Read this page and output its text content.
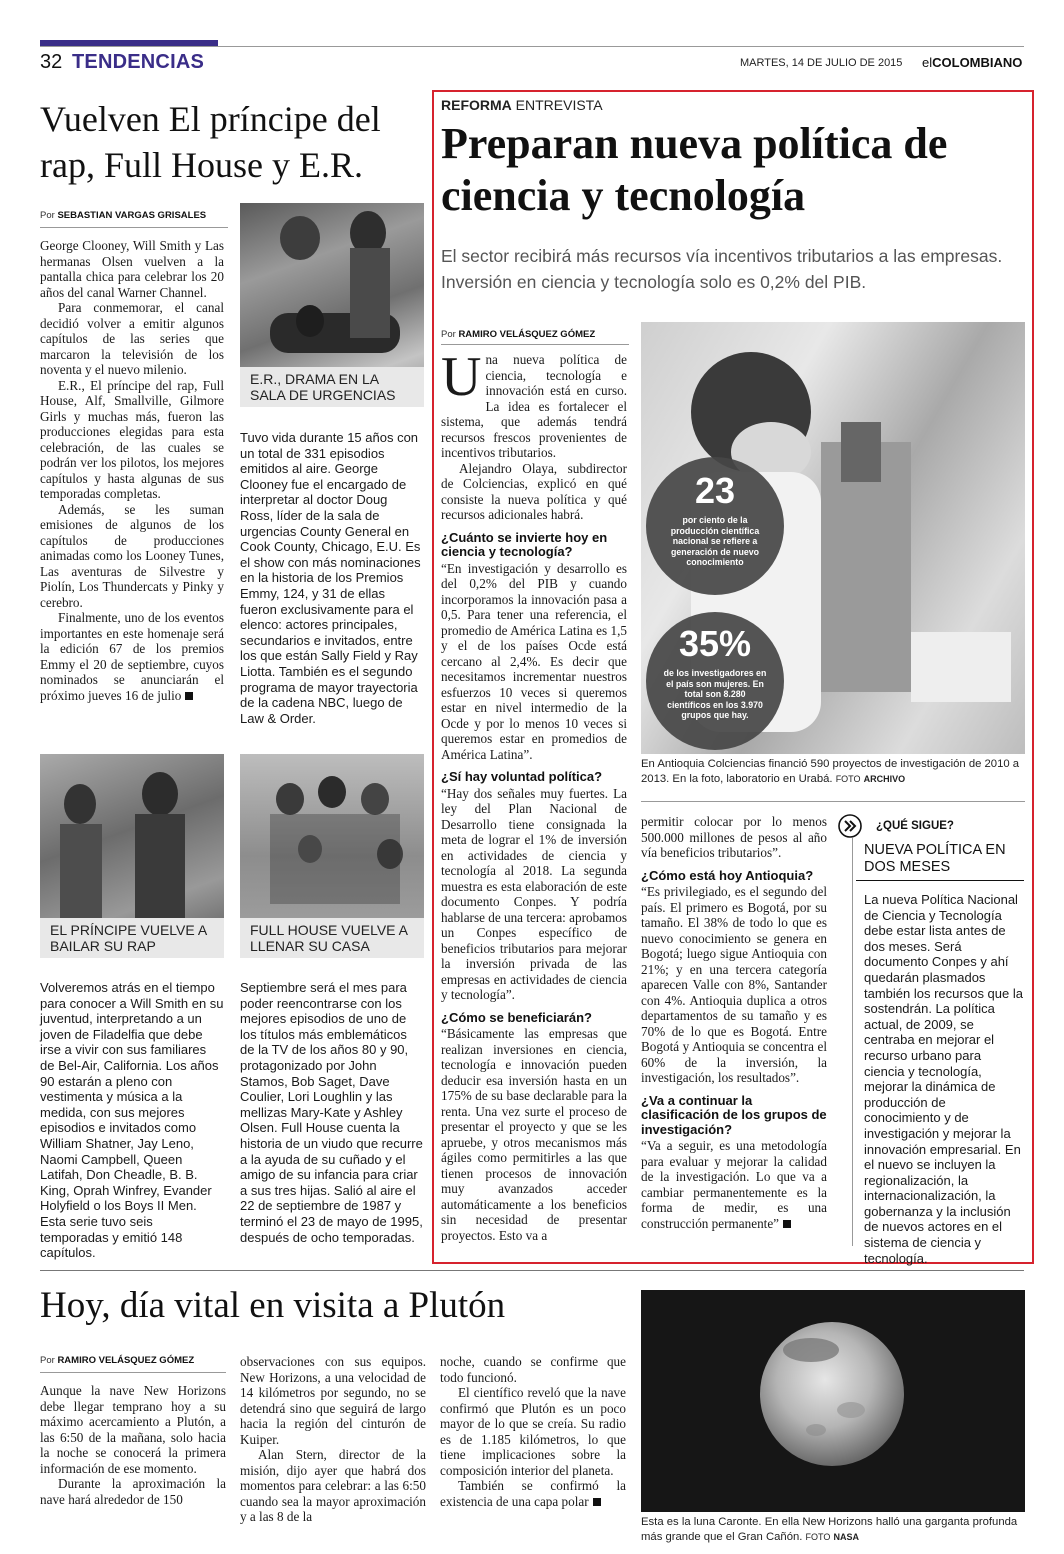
32 TENDENCIAS	MARTES, 14 DE JULIO DE 2015 elCOLOMBIANO
Vuelven El príncipe del rap, Full House y E.R.
Por SEBASTIAN VARGAS GRISALES

George Clooney, Will Smith y Las hermanas Olsen vuelven a la pantalla chica para celebrar los 20 años del canal Warner Channel.

Para conmemorar, el canal decidió volver a emitir algunos capítulos de las series que marcaron la televisión de los noventa y el nuevo milenio.

E.R., El príncipe del rap, Full House, Alf, Smallville, Gilmore Girls y muchas más, fueron las producciones elegidas para esta celebración, de las cuales se podrán ver los pilotos, los mejores capítulos y hasta algunas de sus temporadas completas.

Además, se les suman emisiones de algunos de los capítulos de producciones animadas como los Looney Tunes, Las aventuras de Silvestre y Piolín, Los Thundercats y Pinky y cerebro.

Finalmente, uno de los eventos importantes en este homenaje será la edición 67 de los premios Emmy el 20 de septiembre, cuyos nominados se anunciarán el próximo jueves 16 de julio

E.R., DRAMA EN LA SALA DE URGENCIAS
Tuvo vida durante 15 años con un total de 331 episodios emitidos al aire. George Clooney fue el encargado de interpretar al doctor Doug Ross, líder de la sala de urgencias County General en Cook County, Chicago, E.U. Es el show con más nominaciones en la historia de los Premios Emmy, 124, y 31 de ellas fueron exclusivamente para el elenco: actores principales, secundarios e invitados, entre los que están Sally Field y Ray Liotta. También es el segundo programa de mayor trayectoria de la cadena NBC, luego de Law & Order.
EL PRÍNCIPE VUELVE A BAILAR SU RAP
Volveremos atrás en el tiempo para conocer a Will Smith en su juventud, interpretando a un joven de Filadelfia que debe irse a vivir con sus familiares de Bel-Air, California. Los años 90 estarán a pleno con vestimenta y música a la medida, con sus mejores episodios e invitados como William Shatner, Jay Leno, Naomi Campbell, Queen Latifah, Don Cheadle, B. B. King, Oprah Winfrey, Evander Holyfield o los Boys II Men. Esta serie tuvo seis temporadas y emitió 148 capítulos.
FULL HOUSE VUELVE A LLENAR SU CASA
Septiembre será el mes para poder reencontrarse con los mejores episodios de uno de los títulos más emblemáticos de la TV de los años 80 y 90, protagonizado por John Stamos, Bob Saget, Dave Coulier, Lori Loughlin y las mellizas Mary-Kate y Ashley Olsen. Full House cuenta la historia de un viudo que recurre a la ayuda de su cuñado y el amigo de su infancia para criar a sus tres hijas. Salió al aire el 22 de septiembre de 1987 y terminó el 23 de mayo de 1995, después de ocho temporadas.
REFORMA ENTREVISTA
Preparan nueva política de ciencia y tecnología
El sector recibirá más recursos vía incentivos tributarios a las empresas. Inversión en ciencia y tecnología solo es 0,2% del PIB.
Por RAMIRO VELÁSQUEZ GÓMEZ

Una nueva política de ciencia, tecnología e innovación está en curso. La idea es fortalecer el sistema, que además tendrá recursos frescos provenientes de incentivos tributarios.

Alejandro Olaya, subdirector de Colciencias, explicó en qué consiste la nueva política y qué recursos adicionales habrá.

¿Cuánto se invierte hoy en ciencia y tecnología?

“En investigación y desarrollo es del 0,2% del PIB y cuando incorporamos la innovación pasa a 0,5. Para tener una referencia, el promedio de América Latina es 1,5 y el de los países Ocde está cercano al 2,4%. Es decir que necesitamos incrementar nuestros esfuerzos 10 veces si queremos estar en nivel intermedio de la Ocde y por lo menos 10 veces si queremos estar en promedios de América Latina”.

¿Sí hay voluntad política?

“Hay dos señales muy fuertes. La ley del Plan Nacional de Desarrollo tiene consignada la meta de lograr el 1% de inversión en actividades de ciencia y tecnología al 2018. La segunda muestra es esta elaboración de este documento Conpes. Y podría hablarse de una tercera: aprobamos un Conpes específico de beneficios tributarios para mejorar la inversión privada de las empresas en actividades de ciencia y tecnología”.

¿Cómo se beneficiarán?

“Básicamente las empresas que realizan inversiones en ciencia, tecnología e innovación pueden deducir esa inversión hasta en un 175% de su base declarable para la renta. Una vez surte el proceso de presentar el proyecto y que se les apruebe, y otros mecanismos más ágiles como permitirles a las que tienen procesos de innovación muy avanzados acceder automáticamente a los beneficios sin necesidad de presentar proyectos. Esto va a

23
por ciento de la producción científica nacional se refiere a generación de nuevo conocimiento
35%
de los investigadores en el país son mujeres. En total son 8.280 científicos en los 3.970 grupos que hay.
En Antioquia Colciencias financió 590 proyectos de investigación de 2010 a 2013. En la foto, laboratorio en Urabá. FOTO ARCHIVO

permitir colocar por lo menos 500.000 millones de pesos al año vía beneficios tributarios”.

¿Cómo está hoy Antioquia?

“Es privilegiado, es el segundo del país. El primero es Bogotá, por su tamaño. El 38% de todo lo que es nuevo conocimiento se genera en Bogotá; luego sigue Antioquia con 21%; y en una tercera categoría aparecen Valle con 8%, Santander con 4%. Antioquia duplica a otros departamentos de su tamaño y es 70% de lo que es Bogotá. Entre Bogotá y Antioquia se concentra el 60% de la inversión, la investigación, los resultados”.

¿Va a continuar la clasificación de los grupos de investigación?

“Va a seguir, es una metodología para evaluar y mejorar la calidad de la investigación. Lo que va a cambiar permanentemente es la forma de medir, es una construcción permanente”

¿QUÉ SIGUE?
NUEVA POLÍTICA EN DOS MESES
La nueva Política Nacional de Ciencia y Tecnología debe estar lista antes de dos meses. Será documento Conpes y ahí quedarán plasmados también los recursos que la sostendrán. La política actual, de 2009, se centraba en mejorar el recurso urbano para ciencia y tecnología, mejorar la dinámica de producción de conocimiento y de investigación y mejorar la innovación empresarial. En el nuevo se incluyen la regionalización, la internacionalización, la gobernanza y la inclusión de nuevos actores en el sistema de ciencia y tecnología.
Hoy, día vital en visita a Plutón
Por RAMIRO VELÁSQUEZ GÓMEZ

Aunque la nave New Horizons debe llegar temprano hoy a su máximo acercamiento a Plutón, a las 6:50 de la mañana, solo hacia la noche se conocerá la primera información de ese momento.

Durante la aproximación la nave hará alrededor de 150

observaciones con sus equipos. New Horizons, a una velocidad de 14 kilómetros por segundo, no se detendrá sino que seguirá de largo hacia la región del cinturón de Kuiper.

Alan Stern, director de la misión, dijo ayer que habrá dos momentos para celebrar: a las 6:50 cuando sea la mayor aproximación y a las 8 de la

noche, cuando se confirme que todo funcionó.

El científico reveló que la nave confirmó que Plutón es un poco mayor de lo que se creía. Su radio es de 1.185 kilómetros, lo que tiene implicaciones sobre la composición interior del planeta.

También se confirmó la existencia de una capa polar

Esta es la luna Caronte. En ella New Horizons halló una garganta profunda más grande que el Gran Cañón. FOTO NASA
